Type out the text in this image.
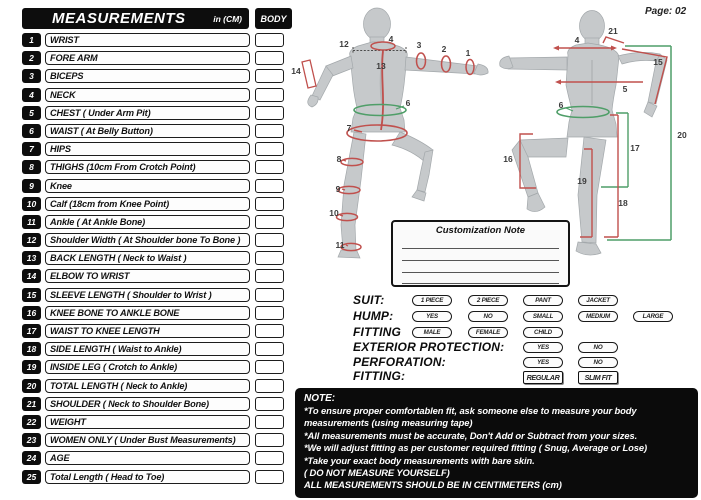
MEASUREMENTS	in (CM)	BODY
1	WRIST
2	FORE ARM
3	BICEPS
4	NECK
5	CHEST ( Under Arm Pit)
6	WAIST ( At Belly Button)
7	HIPS
8	THIGHS (10cm From Crotch Point)
9	Knee
10	Calf (18cm from Knee Point)
11	Ankle ( At Ankle Bone)
12	Shoulder Width ( At Shoulder bone To Bone )
13	BACK LENGTH ( Neck to Waist )
14	ELBOW TO WRIST
15	SLEEVE LENGTH ( Shoulder to Wrist )
16	KNEE BONE TO ANKLE BONE
17	WAIST TO KNEE LENGTH
18	SIDE LENGTH ( Waist to Ankle)
19	INSIDE LEG ( Crotch to Ankle)
20	TOTAL LENGTH ( Neck to Ankle)
21	SHOULDER ( Neck to Shoulder Bone)
22	WEIGHT
23	WOMEN ONLY ( Under Bust Measurements)
24	AGE
25	Total Length ( Head to Toe)
Page: 02
12	4
13
3 2 1
14
6
7
8
9
10
11
4
21
15
5
6
16
17
19
18
20
Customization Note
SUIT:	1 PIECE	2 PIECE	PANT	JACKET
HUMP:	YES	NO	SMALL	MEDIUM	LARGE
FITTING	MALE	FEMALE	CHILD
EXTERIOR PROTECTION:	YES	NO
PERFORATION:	YES	NO
FITTING:	REGULAR	SLIM FIT
NOTE:
*To ensure proper comfortablen fit, ask someone else to measure your body measurements (using measuring tape)
*All measurements must be accurate, Don't Add or Subtract from your sizes.
*We will adjust fitting as per customer required fitting ( Snug, Average or Lose)
*Take your exact body measurements with bare skin.
( DO NOT MEASURE YOURSELF)
ALL MEASUREMENTS SHOULD BE IN CENTIMETERS (cm)
